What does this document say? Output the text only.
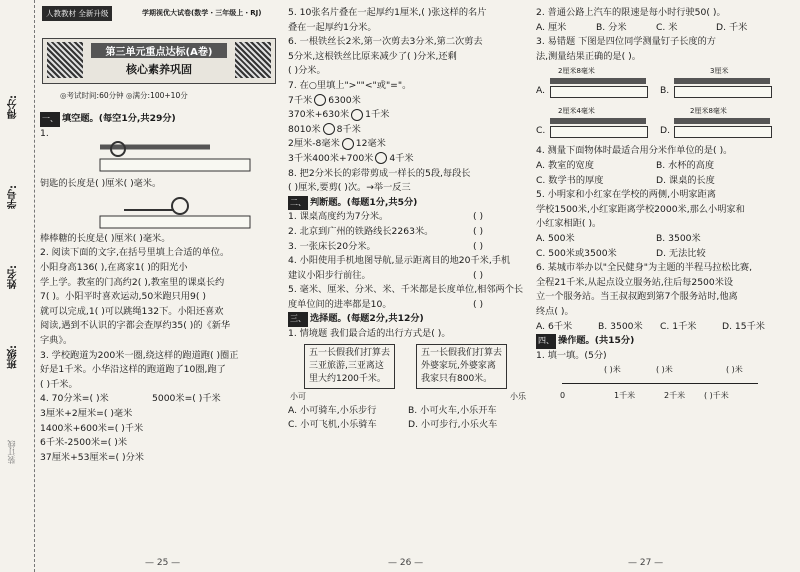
得分:
学号:
姓名:
班级:
装订线
人教教材 全新升级	学期视优大试卷(数学・三年级上・RJ)
第三单元重点达标(A卷)
核心素养巩固
◎考试时间:60分钟 ◎满分:100+10分

一、 填空题。(每空1分,共29分)

1.

钥匙的长度是( )厘米( )毫米。

棒棒糖的长度是( )厘米( )毫米。

2. 阅读下面的文字,在括号里填上合适的单位。

小阳身高136( ),在离家1( )的阳光小

学上学。教室的门高约2( ),教室里的课桌长约

7( )。小阳平时喜欢运动,50米跑只用9( )

就可以完成,1( )可以跳绳132下。小阳还喜欢

阅读,遇到不认识的字都会查厚约35( )的《新华

字典》。

3. 学校跑道为200米一圈,绕这样的跑道跑( )圈正

好是1千米。小华沿这样的跑道跑了10圈,跑了

( )千米。

4. 70分米=( )米	5000米=( )千米

3厘米+2厘米=( )毫米

1400米+600米=( )千米

6千米-2500米=( )米

37厘米+53厘米=( )分米

— 25 —

5. 10张名片叠在一起厚约1厘米,( )张这样的名片

叠在一起厚约1分米。

6. 一根铁丝长2米,第一次剪去3分米,第二次剪去

5分米,这根铁丝比原来减少了( )分米,还剩

( )分米。

7. 在○里填上">""<"或"="。

7千米 6300米

370米+630米 1千米

8010米 8千米

2厘米-8毫米 12毫米

3千米400米+700米 4千米

8. 把2分米长的彩带剪成一样长的5段,每段长

( )厘米,要剪( )次。→举一反三

二、 判断题。(每题1分,共5分)

1. 课桌高度约为7分米。	( )

2. 北京到广州的铁路线长2263米。	( )

3. 一张床长20分米。	( )

4. 小阳使用手机地图导航,显示距离目的地20千米,手机

建议小阳步行前往。	( )

5. 毫米、厘米、分米、米、千米都是长度单位,相邻两个长

度单位间的进率都是10。	( )

三、 选择题。(每题2分,共12分)

1. 情境题 我们最合适的出行方式是( )。

五一长假我们打算去
三亚旅游,三亚离这
里大约1200千米。
五一长假我们打算去
外婆家玩,外婆家离
我家只有800米。
小可	小乐

A. 小可骑车,小乐步行	B. 小可火车,小乐开车

C. 小可飞机,小乐骑车	D. 小可步行,小乐火车

— 26 —

2. 普通公路上汽车的限速是每小时行驶50( )。

A. 厘米	B. 分米	C. 米	D. 千米

3. 易错题 下图是四位同学测量钉子长度的方

法,测量结果正确的是( )。

A.
2厘米8毫米
B.
3厘米
C.
2厘米4毫米
D.
2厘米8毫米

4. 测量下面物体时最适合用分米作单位的是( )。

A. 教室的宽度	B. 水杯的高度

C. 数学书的厚度	D. 课桌的长度

5. 小明家和小红家在学校的两侧,小明家距离

学校1500米,小红家距离学校2000米,那么小明家和

小红家相距( )。

A. 500米	B. 3500米

C. 500米或3500米	D. 无法比较

6. 某城市举办以"全民健身"为主题的半程马拉松比赛,

全程21千米,从起点设立服务站,往后每2500米设

立一个服务站。当王叔叔跑到第7个服务站时,他离

终点( )。

A. 6千米	B. 3500米 C. 1千米	D. 15千米

四、 操作题。(共15分)

1. 填一填。(5分)

( )米	( )米	( )米
0	1千米	2千米 ( )千米
— 27 —
